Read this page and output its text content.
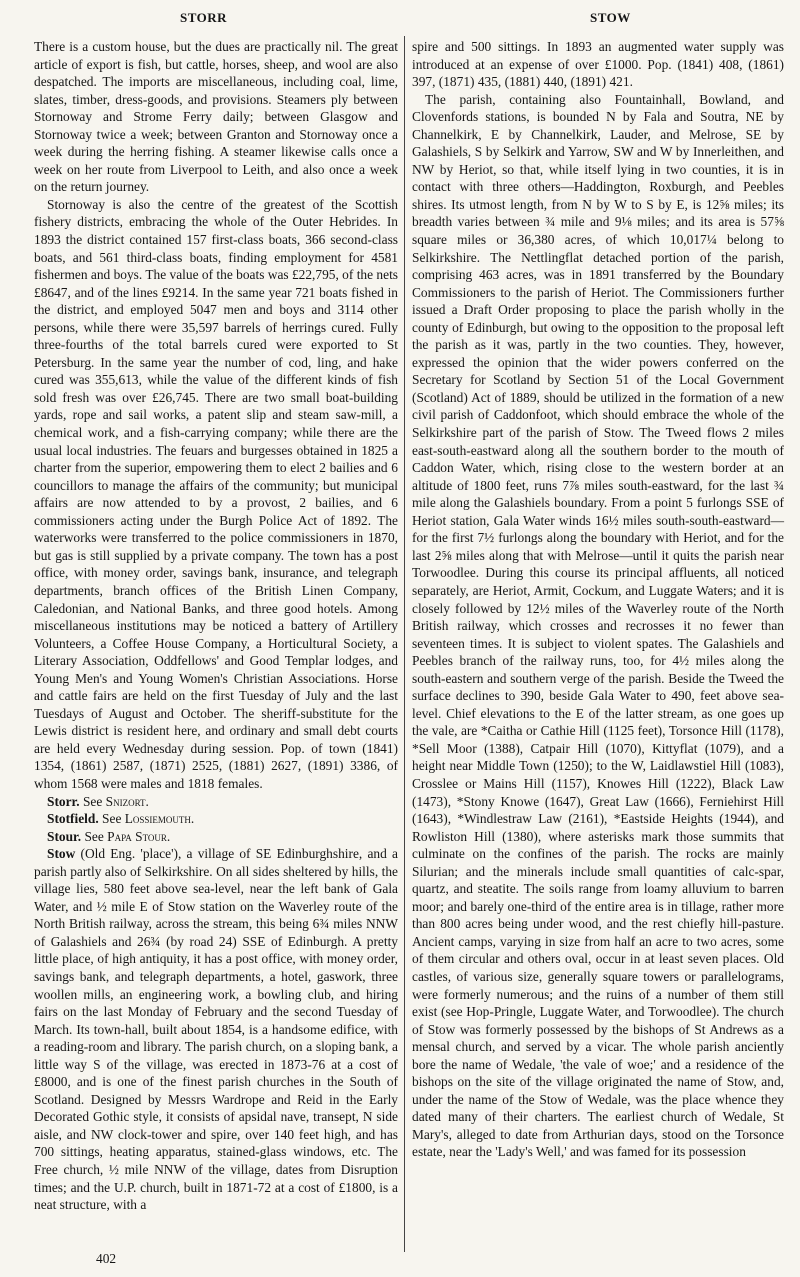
STORR	STOW

There is a custom house, but the dues are practically nil. The great article of export is fish, but cattle, horses, sheep, and wool are also despatched. The imports are miscellaneous, including coal, lime, slates, timber, dress-goods, and provisions. Steamers ply between Stornoway and Strome Ferry daily; between Glasgow and Stornoway twice a week; between Granton and Stornoway once a week during the herring fishing. A steamer likewise calls once a week on her route from Liverpool to Leith, and also once a week on the return journey.

Stornoway is also the centre of the greatest of the Scottish fishery districts, embracing the whole of the Outer Hebrides. In 1893 the district contained 157 first-class boats, 366 second-class boats, and 561 third-class boats, finding employment for 4581 fishermen and boys. The value of the boats was £22,795, of the nets £8647, and of the lines £9214. In the same year 721 boats fished in the district, and employed 5047 men and boys and 3114 other persons, while there were 35,597 barrels of herrings cured. Fully three-fourths of the total barrels cured were exported to St Petersburg. In the same year the number of cod, ling, and hake cured was 355,613, while the value of the different kinds of fish sold fresh was over £26,745. There are two small boat-building yards, rope and sail works, a patent slip and steam saw-mill, a chemical work, and a fish-carrying company; while there are the usual local industries. The feuars and burgesses obtained in 1825 a charter from the superior, empowering them to elect 2 bailies and 6 councillors to manage the affairs of the community; but municipal affairs are now attended to by a provost, 2 bailies, and 6 commissioners acting under the Burgh Police Act of 1892. The waterworks were transferred to the police commissioners in 1870, but gas is still supplied by a private company. The town has a post office, with money order, savings bank, insurance, and telegraph departments, branch offices of the British Linen Company, Caledonian, and National Banks, and three good hotels. Among miscellaneous institutions may be noticed a battery of Artillery Volunteers, a Coffee House Company, a Horticultural Society, a Literary Association, Oddfellows' and Good Templar lodges, and Young Men's and Young Women's Christian Associations. Horse and cattle fairs are held on the first Tuesday of July and the last Tuesdays of August and October. The sheriff-substitute for the Lewis district is resident here, and ordinary and small debt courts are held every Wednesday during session. Pop. of town (1841) 1354, (1861) 2587, (1871) 2525, (1881) 2627, (1891) 3386, of whom 1568 were males and 1818 females.

Storr. See Snizort.

Stotfield. See Lossiemouth.

Stour. See Papa Stour.

Stow (Old Eng. 'place'), a village of SE Edinburghshire, and a parish partly also of Selkirkshire. On all sides sheltered by hills, the village lies, 580 feet above sea-level, near the left bank of Gala Water, and ½ mile E of Stow station on the Waverley route of the North British railway, across the stream, this being 6¾ miles NNW of Galashiels and 26¾ (by road 24) SSE of Edinburgh. A pretty little place, of high antiquity, it has a post office, with money order, savings bank, and telegraph departments, a hotel, gaswork, three woollen mills, an engineering work, a bowling club, and hiring fairs on the last Monday of February and the second Tuesday of March. Its town-hall, built about 1854, is a handsome edifice, with a reading-room and library. The parish church, on a sloping bank, a little way S of the village, was erected in 1873-76 at a cost of £8000, and is one of the finest parish churches in the South of Scotland. Designed by Messrs Wardrope and Reid in the Early Decorated Gothic style, it consists of apsidal nave, transept, N side aisle, and NW clock-tower and spire, over 140 feet high, and has 700 sittings, heating apparatus, stained-glass windows, etc. The Free church, ½ mile NNW of the village, dates from Disruption times; and the U.P. church, built in 1871-72 at a cost of £1800, is a neat structure, with a

spire and 500 sittings. In 1893 an augmented water supply was introduced at an expense of over £1000. Pop. (1841) 408, (1861) 397, (1871) 435, (1881) 440, (1891) 421.

The parish, containing also Fountainhall, Bowland, and Clovenfords stations, is bounded N by Fala and Soutra, NE by Channelkirk, E by Channelkirk, Lauder, and Melrose, SE by Galashiels, S by Selkirk and Yarrow, SW and W by Innerleithen, and NW by Heriot, so that, while itself lying in two counties, it is in contact with three others—Haddington, Roxburgh, and Peebles shires. Its utmost length, from N by W to S by E, is 12⅝ miles; its breadth varies between ¾ mile and 9⅛ miles; and its area is 57⅝ square miles or 36,380 acres, of which 10,017¼ belong to Selkirkshire. The Nettlingflat detached portion of the parish, comprising 463 acres, was in 1891 transferred by the Boundary Commissioners to the parish of Heriot. The Commissioners further issued a Draft Order proposing to place the parish wholly in the county of Edinburgh, but owing to the opposition to the proposal left the parish as it was, partly in the two counties. They, however, expressed the opinion that the wider powers conferred on the Secretary for Scotland by Section 51 of the Local Government (Scotland) Act of 1889, should be utilized in the formation of a new civil parish of Caddonfoot, which should embrace the whole of the Selkirkshire part of the parish of Stow. The Tweed flows 2 miles east-south-eastward along all the southern border to the mouth of Caddon Water, which, rising close to the western border at an altitude of 1800 feet, runs 7⅞ miles south-eastward, for the last ¾ mile along the Galashiels boundary. From a point 5 furlongs SSE of Heriot station, Gala Water winds 16½ miles south-south-eastward—for the first 7½ furlongs along the boundary with Heriot, and for the last 2⅝ miles along that with Melrose—until it quits the parish near Torwoodlee. During this course its principal affluents, all noticed separately, are Heriot, Armit, Cockum, and Luggate Waters; and it is closely followed by 12½ miles of the Waverley route of the North British railway, which crosses and recrosses it no fewer than seventeen times. It is subject to violent spates. The Galashiels and Peebles branch of the railway runs, too, for 4½ miles along the south-eastern and southern verge of the parish. Beside the Tweed the surface declines to 390, beside Gala Water to 490, feet above sea-level. Chief elevations to the E of the latter stream, as one goes up the vale, are *Caitha or Cathie Hill (1125 feet), Torsonce Hill (1178), *Sell Moor (1388), Catpair Hill (1070), Kittyflat (1079), and a height near Middle Town (1250); to the W, Laidlawstiel Hill (1083), Crosslee or Mains Hill (1157), Knowes Hill (1222), Black Law (1473), *Stony Knowe (1647), Great Law (1666), Ferniehirst Hill (1643), *Windlestraw Law (2161), *Eastside Heights (1944), and Rowliston Hill (1380), where asterisks mark those summits that culminate on the confines of the parish. The rocks are mainly Silurian; and the minerals include small quantities of calc-spar, quartz, and steatite. The soils range from loamy alluvium to barren moor; and barely one-third of the entire area is in tillage, rather more than 800 acres being under wood, and the rest chiefly hill-pasture. Ancient camps, varying in size from half an acre to two acres, some of them circular and others oval, occur in at least seven places. Old castles, of various size, generally square towers or parallelograms, were formerly numerous; and the ruins of a number of them still exist (see Hop-Pringle, Luggate Water, and Torwoodlee). The church of Stow was formerly possessed by the bishops of St Andrews as a mensal church, and served by a vicar. The whole parish anciently bore the name of Wedale, 'the vale of woe;' and a residence of the bishops on the site of the village originated the name of Stow, and, under the name of the Stow of Wedale, was the place whence they dated many of their charters. The earliest church of Wedale, St Mary's, alleged to date from Arthurian days, stood on the Torsonce estate, near the 'Lady's Well,' and was famed for its possession

402
